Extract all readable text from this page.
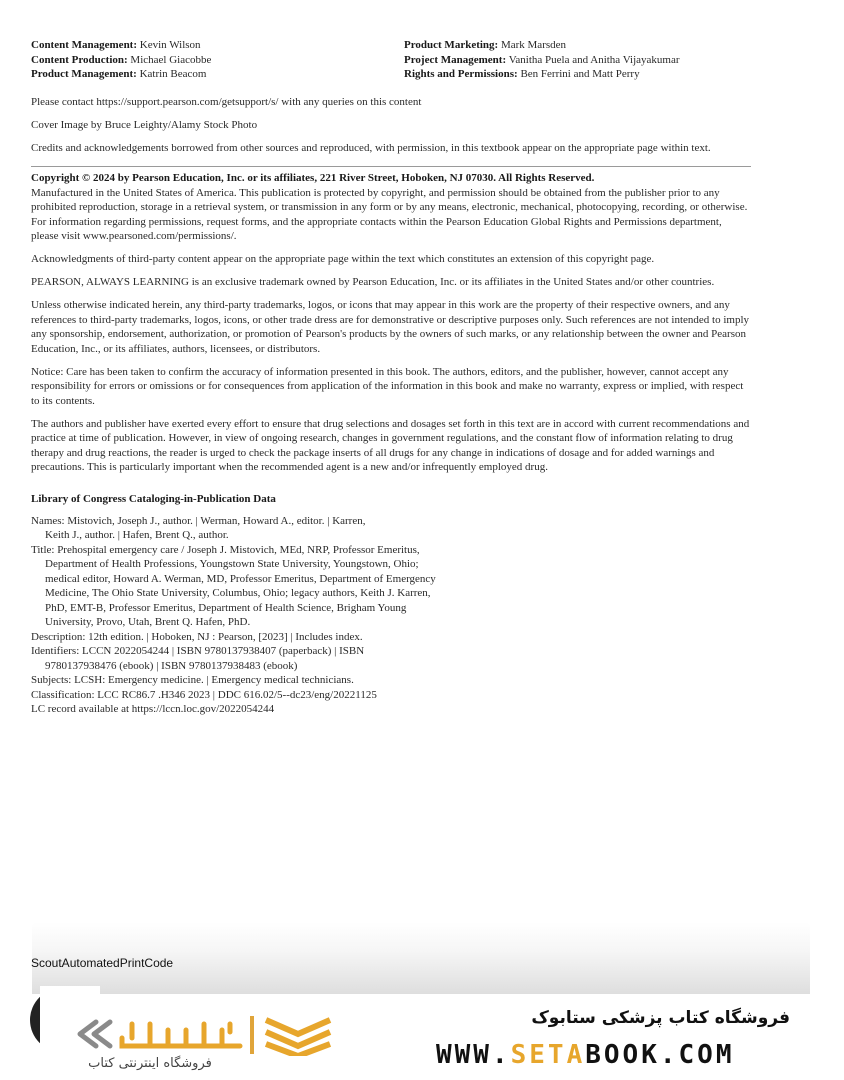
Content Management: Kevin Wilson
Content Production: Michael Giacobbe
Product Management: Katrin Beacom
Product Marketing: Mark Marsden
Project Management: Vanitha Puela and Anitha Vijayakumar
Rights and Permissions: Ben Ferrini and Matt Perry

Please contact https://support.pearson.com/getsupport/s/ with any queries on this content

Cover Image by Bruce Leighty/Alamy Stock Photo

Credits and acknowledgements borrowed from other sources and reproduced, with permission, in this textbook appear on the appropriate page within text.

Copyright © 2024 by Pearson Education, Inc. or its affiliates, 221 River Street, Hoboken, NJ 07030. All Rights Reserved.

Manufactured in the United States of America. This publication is protected by copyright, and permission should be obtained from the publisher prior to any prohibited reproduction, storage in a retrieval system, or transmission in any form or by any means, electronic, mechanical, photocopying, recording, or otherwise. For information regarding permissions, request forms, and the appropriate contacts within the Pearson Education Global Rights and Permissions department, please visit www.pearsoned.com/permissions/.

Acknowledgments of third-party content appear on the appropriate page within the text which constitutes an extension of this copyright page.

PEARSON, ALWAYS LEARNING is an exclusive trademark owned by Pearson Education, Inc. or its affiliates in the United States and/or other countries.

Unless otherwise indicated herein, any third-party trademarks, logos, or icons that may appear in this work are the property of their respective owners, and any references to third-party trademarks, logos, icons, or other trade dress are for demonstrative or descriptive purposes only. Such references are not intended to imply any sponsorship, endorsement, authorization, or promotion of Pearson's products by the owners of such marks, or any relationship between the owner and Pearson Education, Inc., or its affiliates, authors, licensees, or distributors.

Notice: Care has been taken to confirm the accuracy of information presented in this book. The authors, editors, and the publisher, however, cannot accept any responsibility for errors or omissions or for consequences from application of the information in this book and make no warranty, express or implied, with respect to its contents.

The authors and publisher have exerted every effort to ensure that drug selections and dosages set forth in this text are in accord with current recommendations and practice at time of publication. However, in view of ongoing research, changes in government regulations, and the constant flow of information relating to drug therapy and drug reactions, the reader is urged to check the package inserts of all drugs for any change in indications of dosage and for added warnings and precautions. This is particularly important when the recommended agent is a new and/or infrequently employed drug.

Library of Congress Cataloging-in-Publication Data
Names: Mistovich, Joseph J., author. | Werman, Howard A., editor. | Karren, Keith J., author. | Hafen, Brent Q., author.
Title: Prehospital emergency care / Joseph J. Mistovich, MEd, NRP, Professor Emeritus, Department of Health Professions, Youngstown State University, Youngstown, Ohio; medical editor, Howard A. Werman, MD, Professor Emeritus, Department of Emergency Medicine, The Ohio State University, Columbus, Ohio; legacy authors, Keith J. Karren, PhD, EMT-B, Professor Emeritus, Department of Health Science, Brigham Young University, Provo, Utah, Brent Q. Hafen, PhD.
Description: 12th edition. | Hoboken, NJ : Pearson, [2023] | Includes index.
Identifiers: LCCN 2022054244 | ISBN 9780137938407 (paperback) | ISBN 9780137938476 (ebook) | ISBN 9780137938483 (ebook)
Subjects: LCSH: Emergency medicine. | Emergency medical technicians.
Classification: LCC RC86.7 .H346 2023 | DDC 616.02/5--dc23/eng/20221125
LC record available at https://lccn.loc.gov/2022054244
ScoutAutomatedPrintCode
فروشگاه اینترنتی کتاب
فروشگاه کتاب پزشکی ستابوک
WWW.SETABOOK.COM
